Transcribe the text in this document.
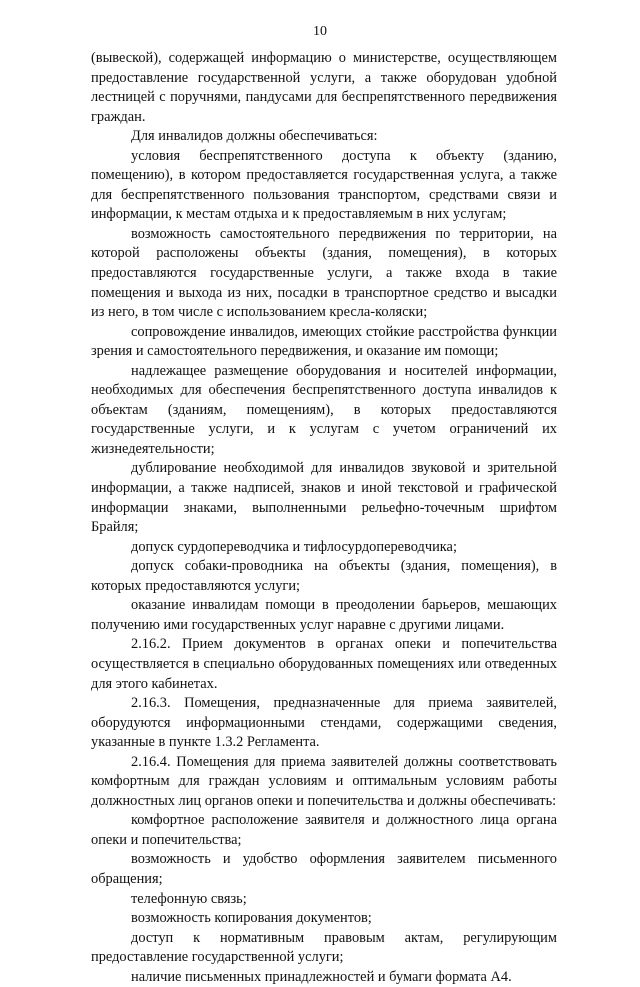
10

(вывеской), содержащей информацию о министерстве, осуществляющем предоставление государственной услуги, а также оборудован удобной лестницей с поручнями, пандусами для беспрепятственного передвижения граждан.

Для инвалидов должны обеспечиваться:

условия беспрепятственного доступа к объекту (зданию, помещению), в котором предоставляется государственная услуга, а также для беспрепятственного пользования транспортом, средствами связи и информации, к местам отдыха и к предоставляемым в них услугам;

возможность самостоятельного передвижения по территории, на которой расположены объекты (здания, помещения), в которых предоставляются государственные услуги, а также входа в такие помещения и выхода из них, посадки в транспортное средство и высадки из него, в том числе с использованием кресла-коляски;

сопровождение инвалидов, имеющих стойкие расстройства функции зрения и самостоятельного передвижения, и оказание им помощи;

надлежащее размещение оборудования и носителей информации, необходимых для обеспечения беспрепятственного доступа инвалидов к объектам (зданиям, помещениям), в которых предоставляются государственные услуги, и к услугам с учетом ограничений их жизнедеятельности;

дублирование необходимой для инвалидов звуковой и зрительной информации, а также надписей, знаков и иной текстовой и графической информации знаками, выполненными рельефно-точечным шрифтом Брайля;

допуск сурдопереводчика и тифлосурдопереводчика;

допуск собаки-проводника на объекты (здания, помещения), в которых предоставляются услуги;

оказание инвалидам помощи в преодолении барьеров, мешающих получению ими государственных услуг наравне с другими лицами.

2.16.2. Прием документов в органах опеки и попечительства осуществляется в специально оборудованных помещениях или отведенных для этого кабинетах.

2.16.3. Помещения, предназначенные для приема заявителей, оборудуются информационными стендами, содержащими сведения, указанные в пункте 1.3.2 Регламента.

2.16.4. Помещения для приема заявителей должны соответствовать комфортным для граждан условиям и оптимальным условиям работы должностных лиц органов опеки и попечительства и должны обеспечивать:

комфортное расположение заявителя и должностного лица органа опеки и попечительства;

возможность и удобство оформления заявителем письменного обращения;

телефонную связь;

возможность копирования документов;

доступ к нормативным правовым актам, регулирующим предоставление государственной услуги;

наличие письменных принадлежностей и бумаги формата А4.
